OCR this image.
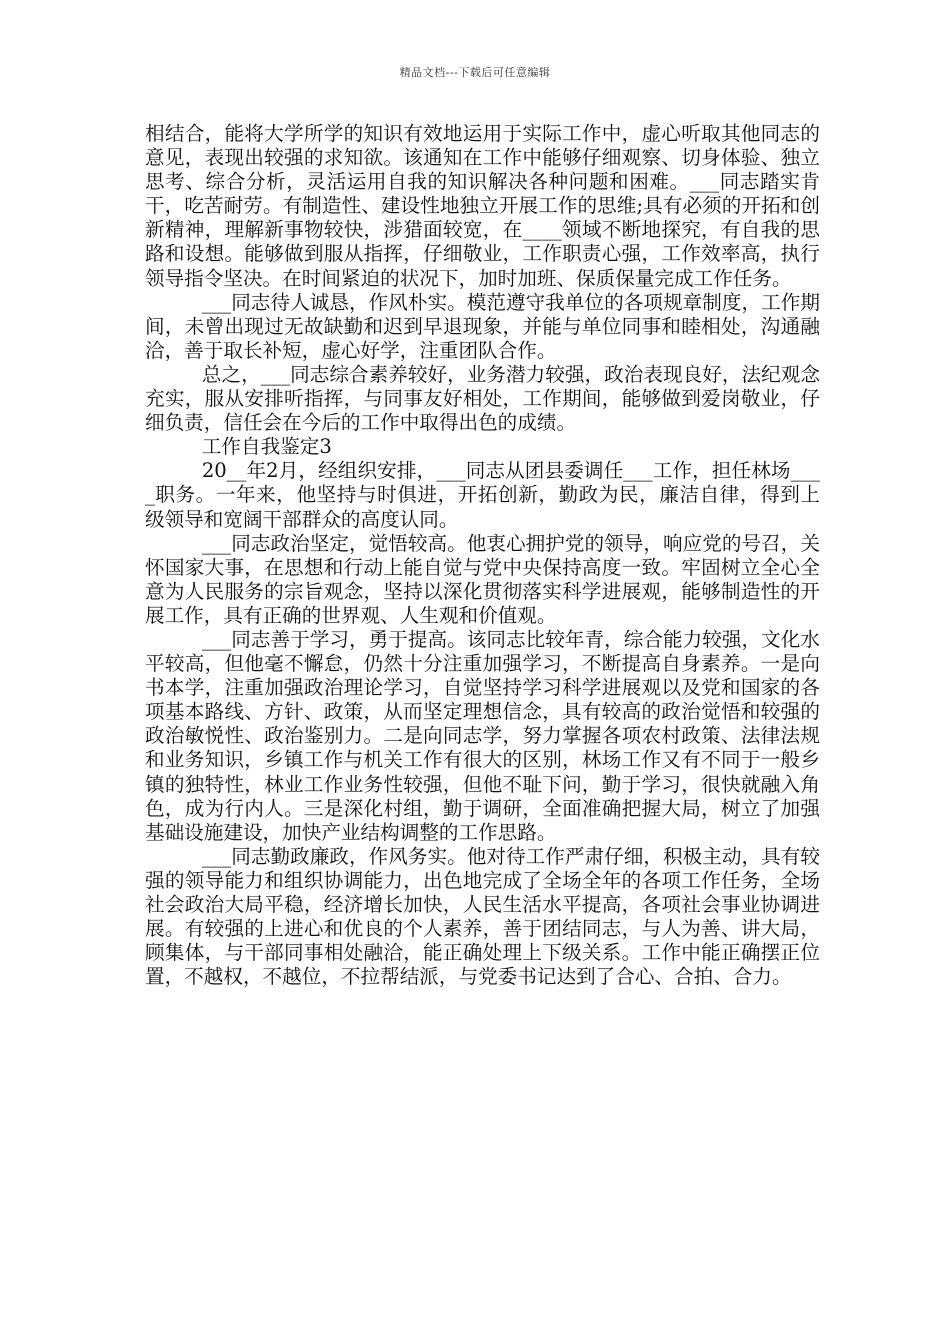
精品文档---下载后可任意编辑

相结合，能将大学所学的知识有效地运用于实际工作中，虚心听取其他同志的意见，表现出较强的求知欲。该通知在工作中能够仔细观察、切身体验、独立思考、综合分析，灵活运用自我的知识解决各种问题和困难。___同志踏实肯干，吃苦耐劳。有制造性、建设性地独立开展工作的思维;具有必须的开拓和创新精神，理解新事物较快，涉猎面较宽，在____领域不断地探究，有自我的思路和设想。能够做到服从指挥，仔细敬业，工作职责心强，工作效率高，执行领导指令坚决。在时间紧迫的状况下，加时加班、保质保量完成工作任务。

___同志待人诚恳，作风朴实。模范遵守我单位的各项规章制度，工作期间，未曾出现过无故缺勤和迟到早退现象，并能与单位同事和睦相处，沟通融洽，善于取长补短，虚心好学，注重团队合作。

总之，___同志综合素养较好，业务潜力较强，政治表现良好，法纪观念充实，服从安排听指挥，与同事友好相处，工作期间，能够做到爱岗敬业，仔细负责，信任会在今后的工作中取得出色的成绩。

工作自我鉴定3

20__年2月，经组织安排，___同志从团县委调任___工作，担任林场____职务。一年来，他坚持与时俱进，开拓创新，勤政为民，廉洁自律，得到上级领导和宽阔干部群众的高度认同。

___同志政治坚定，觉悟较高。他衷心拥护党的领导，响应党的号召，关怀国家大事，在思想和行动上能自觉与党中央保持高度一致。牢固树立全心全意为人民服务的宗旨观念，坚持以深化贯彻落实科学进展观，能够制造性的开展工作，具有正确的世界观、人生观和价值观。

___同志善于学习，勇于提高。该同志比较年青，综合能力较强，文化水平较高，但他毫不懈怠，仍然十分注重加强学习，不断提高自身素养。一是向书本学，注重加强政治理论学习，自觉坚持学习科学进展观以及党和国家的各项基本路线、方针、政策，从而坚定理想信念，具有较高的政治觉悟和较强的政治敏悦性、政治鉴别力。二是向同志学，努力掌握各项农村政策、法律法规和业务知识，乡镇工作与机关工作有很大的区别，林场工作又有不同于一般乡镇的独特性，林业工作业务性较强，但他不耻下问，勤于学习，很快就融入角色，成为行内人。三是深化村组，勤于调研，全面准确把握大局，树立了加强基础设施建设，加快产业结构调整的工作思路。

___同志勤政廉政，作风务实。他对待工作严肃仔细，积极主动，具有较强的领导能力和组织协调能力，出色地完成了全场全年的各项工作任务，全场社会政治大局平稳，经济增长加快，人民生活水平提高，各项社会事业协调进展。有较强的上进心和优良的个人素养，善于团结同志，与人为善、讲大局，顾集体，与干部同事相处融洽，能正确处理上下级关系。工作中能正确摆正位置，不越权，不越位，不拉帮结派，与党委书记达到了合心、合拍、合力。
